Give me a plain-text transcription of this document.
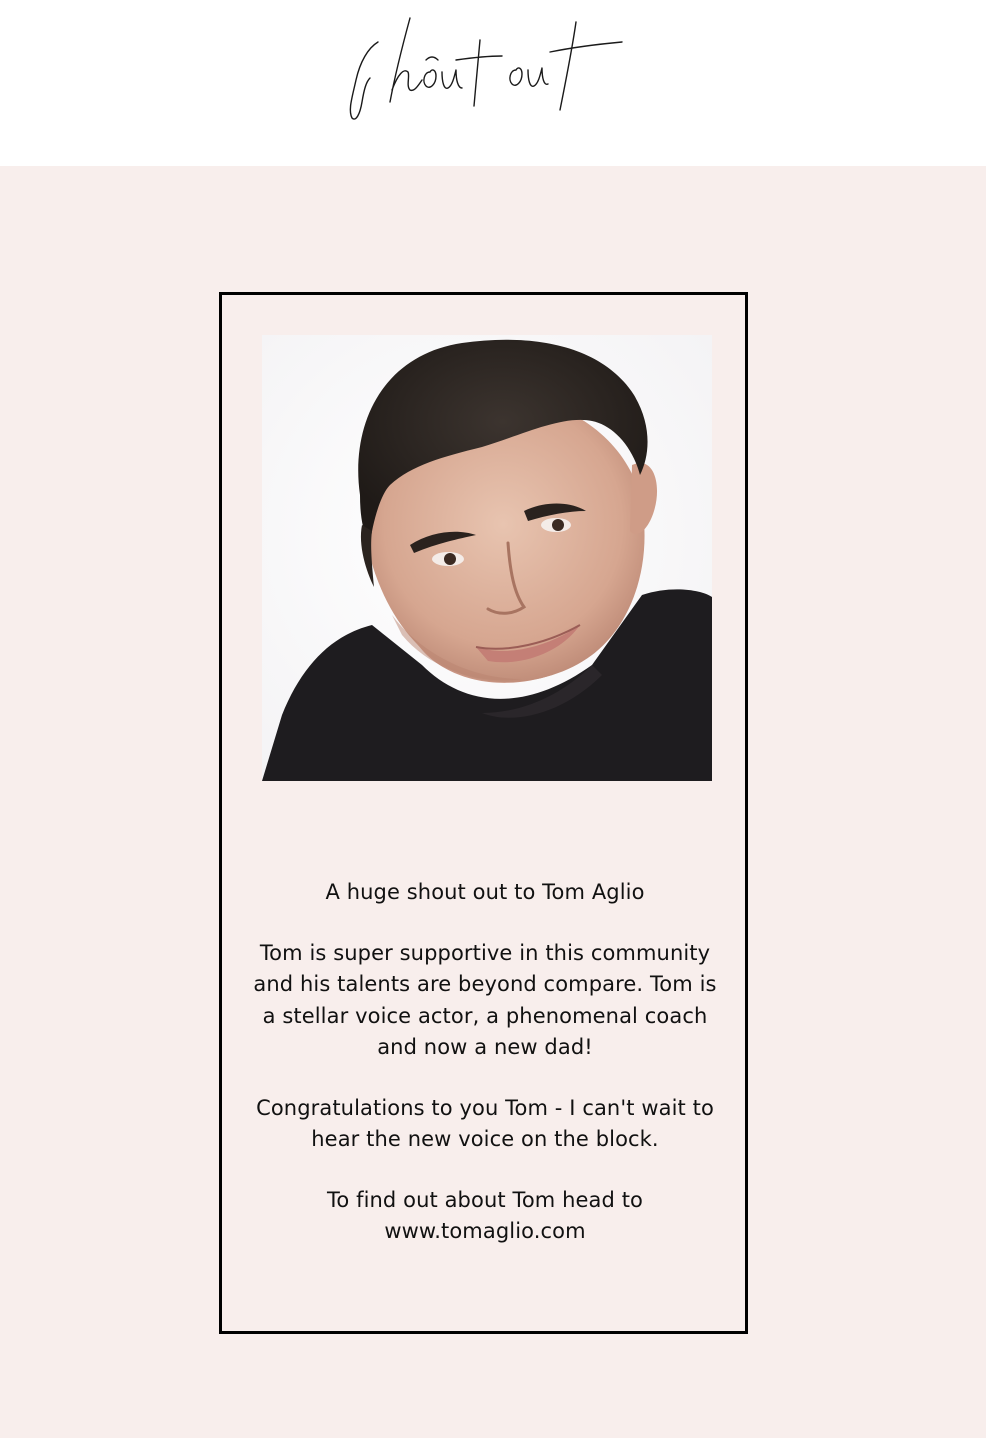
A huge shout out to Tom Aglio

Tom is super supportive in this community and his talents are beyond compare. Tom is a stellar voice actor, a phenomenal coach and now a new dad!

Congratulations to you Tom - I can't wait to hear the new voice on the block.

To find out about Tom head to
www.tomaglio.com
